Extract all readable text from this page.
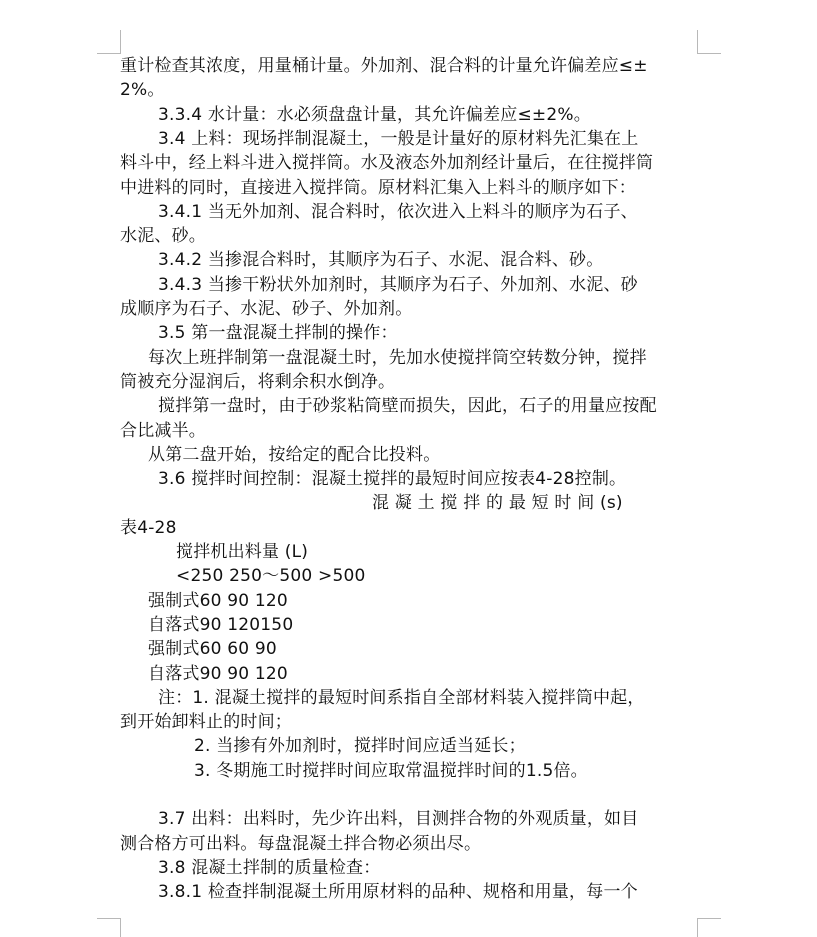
重计检查其浓度，用量桶计量。外加剂、混合料的计量允许偏差应≤±
2%。
3.3.4 水计量：水必须盘盘计量，其允许偏差应≤±2%。
3.4 上料：现场拌制混凝土，一般是计量好的原材料先汇集在上
料斗中，经上料斗进入搅拌筒。水及液态外加剂经计量后，在往搅拌筒
中进料的同时，直接进入搅拌筒。原材料汇集入上料斗的顺序如下：
3.4.1 当无外加剂、混合料时，依次进入上料斗的顺序为石子、
水泥、砂。
3.4.2 当掺混合料时，其顺序为石子、水泥、混合料、砂。
3.4.3 当掺干粉状外加剂时，其顺序为石子、外加剂、水泥、砂
成顺序为石子、水泥、砂子、外加剂。
3.5 第一盘混凝土拌制的操作：
每次上班拌制第一盘混凝土时，先加水使搅拌筒空转数分钟，搅拌
筒被充分湿润后，将剩余积水倒净。
搅拌第一盘时，由于砂浆粘筒壁而损失，因此，石子的用量应按配
合比减半。
从第二盘开始，按给定的配合比投料。
3.6 搅拌时间控制：混凝土搅拌的最短时间应按表4-28控制。
混 凝 土 搅 拌 的 最 短 时 间 (s)
表4-28
搅拌机出料量 (L)
<250 250～500 >500
强制式60 90 120
自落式90 120150
强制式60 60 90
自落式90 90 120
注：1. 混凝土搅拌的最短时间系指自全部材料装入搅拌筒中起，
到开始卸料止的时间；
2. 当掺有外加剂时，搅拌时间应适当延长；
3. 冬期施工时搅拌时间应取常温搅拌时间的1.5倍。
3.7 出料：出料时，先少许出料，目测拌合物的外观质量，如目
测合格方可出料。每盘混凝土拌合物必须出尽。
3.8 混凝土拌制的质量检查：
3.8.1 检查拌制混凝土所用原材料的品种、规格和用量，每一个
